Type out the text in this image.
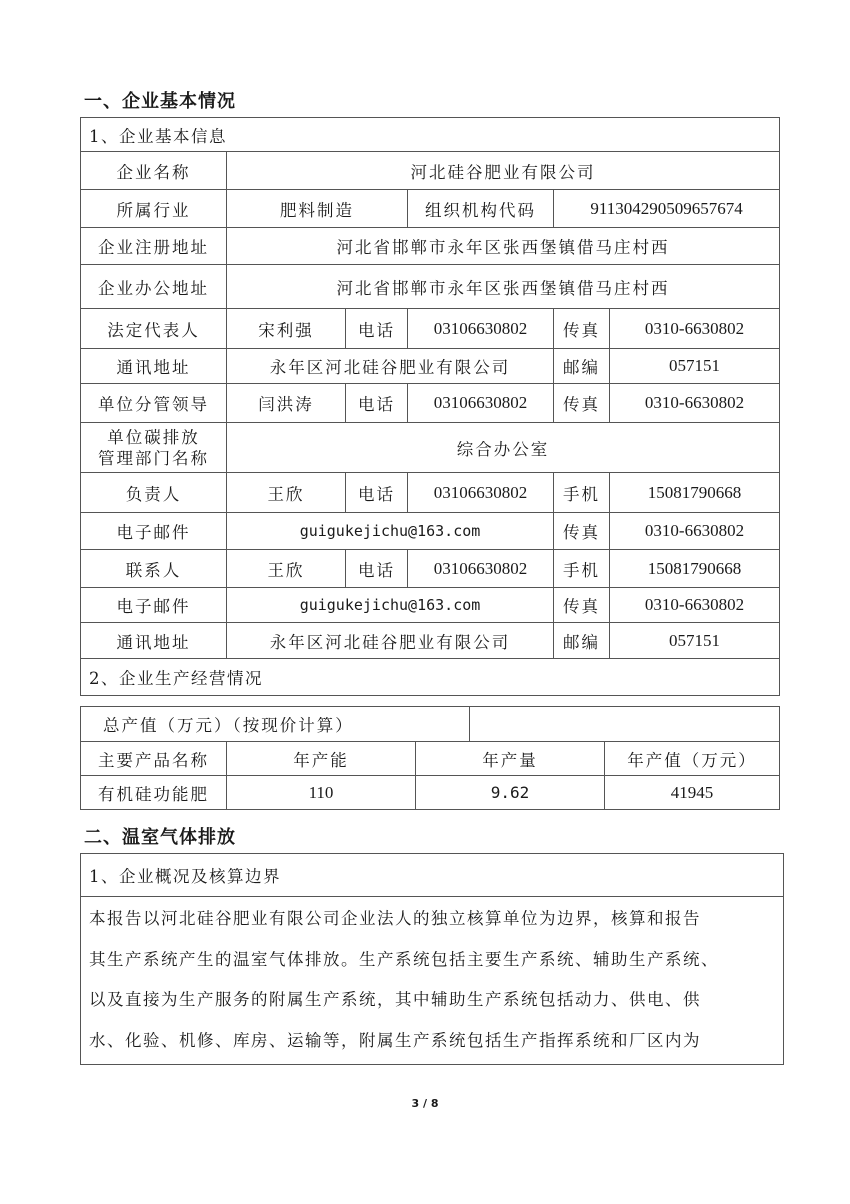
一、企业基本情况
1、企业基本信息					
企业名称	河北硅谷肥业有限公司				
所属行业	肥料制造		组织机构代码	911304290509657674	
企业注册地址	河北省邯郸市永年区张西堡镇借马庄村西				
企业办公地址	河北省邯郸市永年区张西堡镇借马庄村西				
法定代表人	宋利强	电话	03106630802	传真	0310-6630802
通讯地址	永年区河北硅谷肥业有限公司			邮编	057151
单位分管领导	闫洪涛	电话	03106630802	传真	0310-6630802

单位碳排放
管理部门名称	综合办公室				
负责人	王欣	电话	03106630802	手机	15081790668
电子邮件	guigukejichu@163.com			传真	0310-6630802
联系人	王欣	电话	03106630802	手机	15081790668
电子邮件	guigukejichu@163.com			传真	0310-6630802
通讯地址	永年区河北硅谷肥业有限公司			邮编	057151
2、企业生产经营情况					
总产值（万元）（按现价计算）	
主要产品名称	年产能	年产量	年产值（万元）
有机硅功能肥	110	9.62	41945
二、温室气体排放
1、企业概况及核算边界

本报告以河北硅谷肥业有限公司企业法人的独立核算单位为边界，核算和报告
其生产系统产生的温室气体排放。生产系统包括主要生产系统、辅助生产系统、
以及直接为生产服务的附属生产系统，其中辅助生产系统包括动力、供电、供
水、化验、机修、库房、运输等，附属生产系统包括生产指挥系统和厂区内为
3 / 8
